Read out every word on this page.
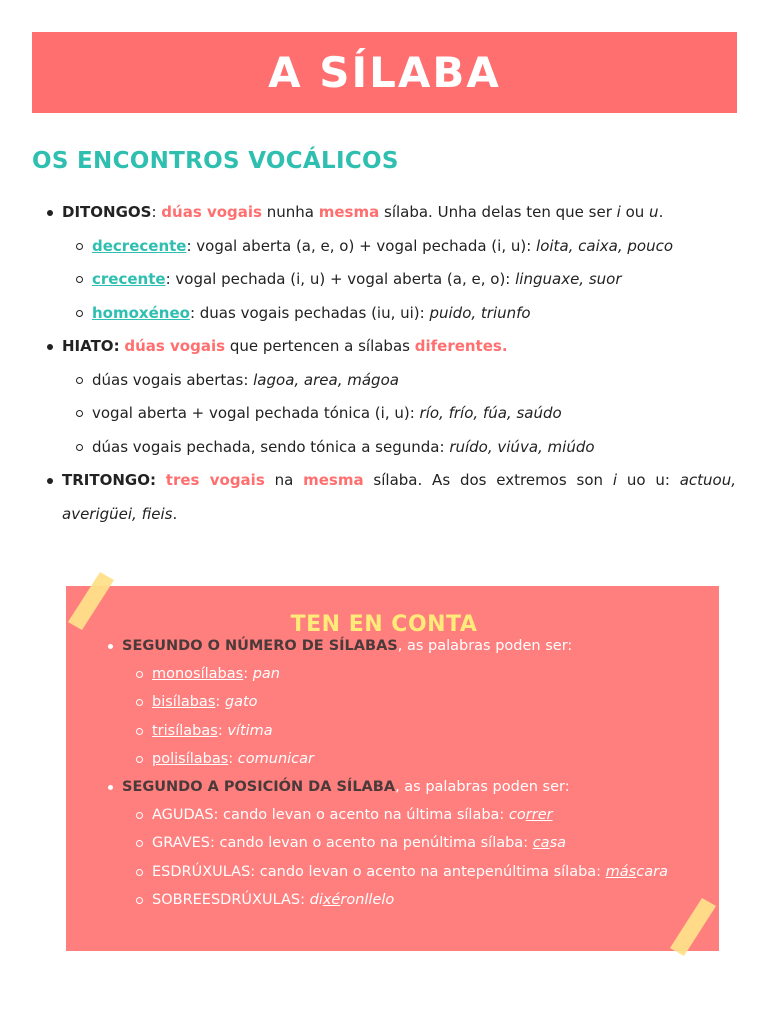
A SÍLABA
OS ENCONTROS VOCÁLICOS
DITONGOS: dúas vogais nunha mesma sílaba. Unha delas ten que ser i ou u.
decrecente: vogal aberta (a, e, o) + vogal pechada (i, u): loita, caixa, pouco
crecente: vogal pechada (i, u) + vogal aberta (a, e, o): linguaxe, suor
homoxéneo: duas vogais pechadas (iu, ui): puido, triunfo
HIATO: dúas vogais que pertencen a sílabas diferentes.
dúas vogais abertas: lagoa, area, mágoa
vogal aberta + vogal pechada tónica (i, u): río, frío, fúa, saúdo
dúas vogais pechada, sendo tónica a segunda: ruído, viúva, miúdo
TRITONGO: tres vogais na mesma sílaba. As dos extremos son i uo u: actuou, averigüei, fieis.
TEN EN CONTA
SEGUNDO O NÚMERO DE SÍLABAS, as palabras poden ser:
monosílabas: pan
bisílabas: gato
trisílabas: vítima
polisílabas: comunicar
SEGUNDO A POSICIÓN DA SÍLABA, as palabras poden ser:
AGUDAS: cando levan o acento na última sílaba: correr
GRAVES: cando levan o acento na penúltima sílaba: casa
ESDRÚXULAS: cando levan o acento na antepenúltima sílaba: máscara
SOBREESDRÚXULAS: dixéronllelo
